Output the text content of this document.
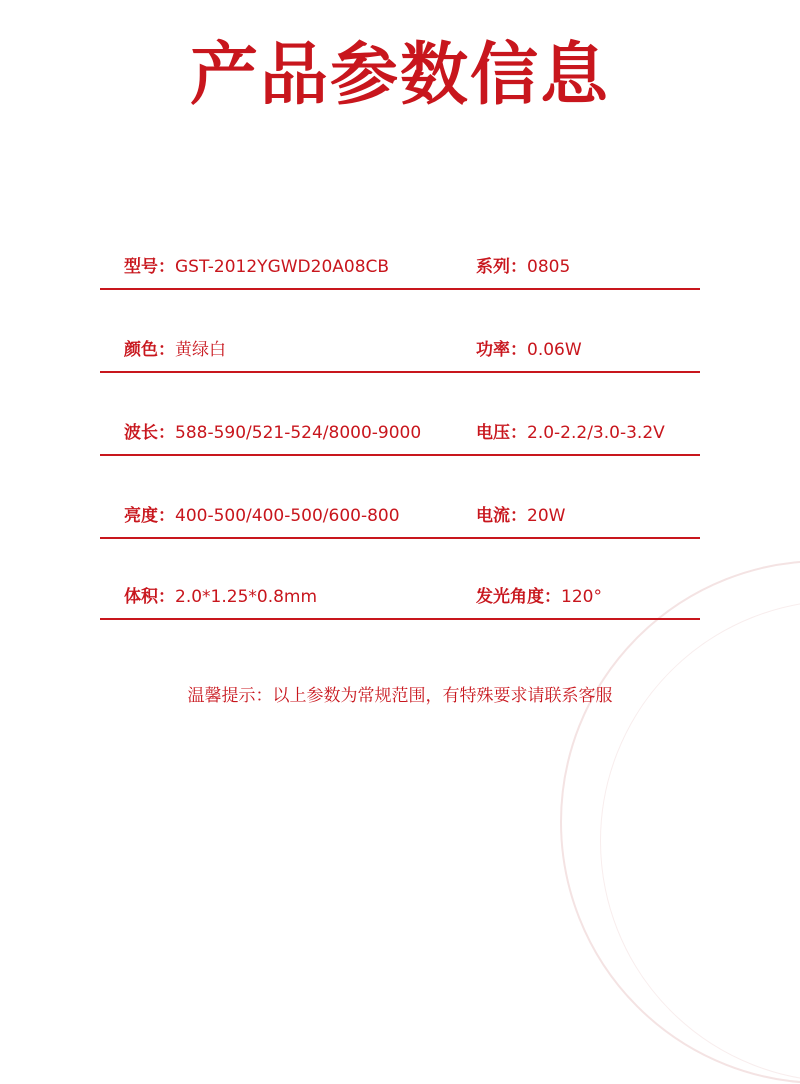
产品参数信息
型号：GST-2012YGWD20A08CB	系列：0805
颜色：黄绿白	功率：0.06W
波长：588-590/521-524/8000-9000	电压：2.0-2.2/3.0-3.2V
亮度：400-500/400-500/600-800	电流：20W
体积：2.0*1.25*0.8mm	发光角度：120°
温馨提示：以上参数为常规范围，有特殊要求请联系客服
